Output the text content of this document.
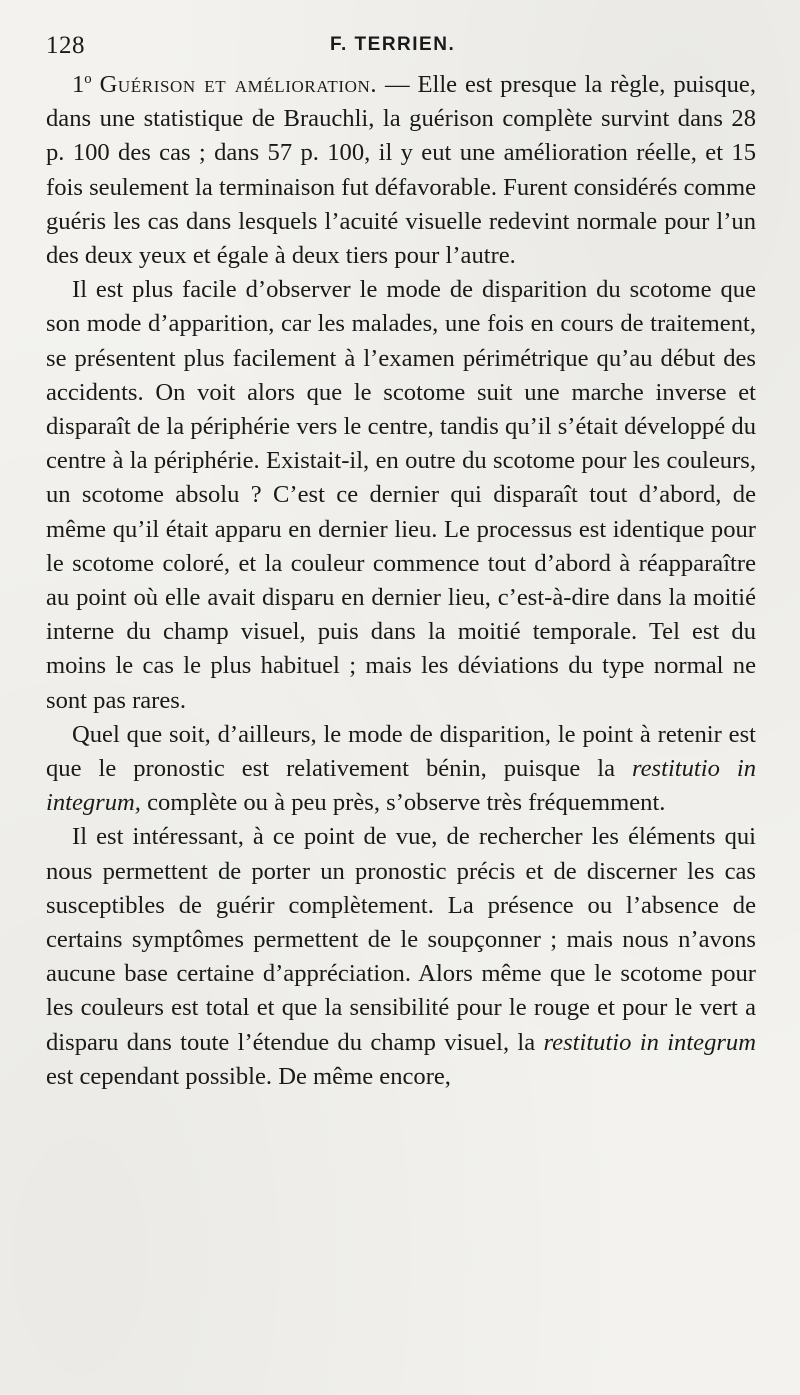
128	F. TERRIEN.

1$^o$ Guérison et amélioration. — Elle est presque la règle, puisque, dans une statistique de Brauchli, la guérison complète survint dans 28 p. 100 des cas ; dans 57 p. 100, il y eut une amélioration réelle, et 15 fois seulement la terminaison fut défavorable. Furent considérés comme guéris les cas dans lesquels l’acuité visuelle redevint normale pour l’un des deux yeux et égale à deux tiers pour l’autre.

Il est plus facile d’observer le mode de disparition du scotome que son mode d’apparition, car les malades, une fois en cours de traitement, se présentent plus facilement à l’examen périmétrique qu’au début des accidents. On voit alors que le scotome suit une marche inverse et disparaît de la périphérie vers le centre, tandis qu’il s’était développé du centre à la périphérie. Existait-il, en outre du scotome pour les couleurs, un scotome absolu ? C’est ce dernier qui disparaît tout d’abord, de même qu’il était apparu en dernier lieu. Le processus est identique pour le scotome coloré, et la couleur commence tout d’abord à réapparaître au point où elle avait disparu en dernier lieu, c’est-à-dire dans la moitié interne du champ visuel, puis dans la moitié temporale. Tel est du moins le cas le plus habituel ; mais les déviations du type normal ne sont pas rares.

Quel que soit, d’ailleurs, le mode de disparition, le point à retenir est que le pronostic est relativement bénin, puisque la restitutio in integrum, complète ou à peu près, s’observe très fréquemment.

Il est intéressant, à ce point de vue, de rechercher les éléments qui nous permettent de porter un pronostic précis et de discerner les cas susceptibles de guérir complètement. La présence ou l’absence de certains symptômes permettent de le soupçonner ; mais nous n’avons aucune base certaine d’appréciation. Alors même que le scotome pour les couleurs est total et que la sensibilité pour le rouge et pour le vert a disparu dans toute l’étendue du champ visuel, la restitutio in integrum est cependant possible. De même encore,
